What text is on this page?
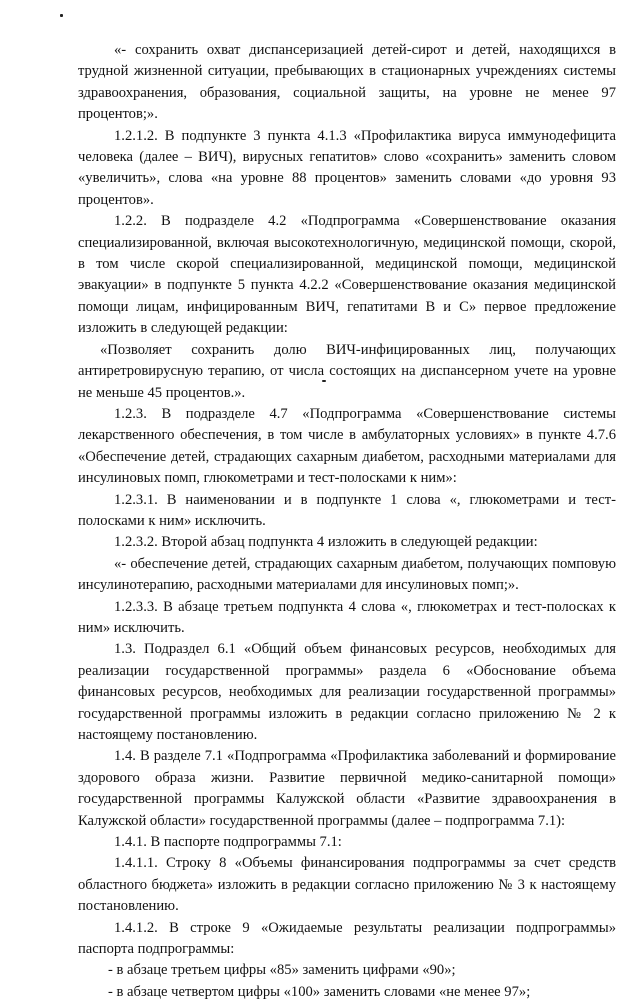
«- сохранить охват диспансеризацией детей-сирот и детей, находящихся в трудной жизненной ситуации, пребывающих в стационарных учреждениях системы здравоохранения, образования, социальной защиты, на уровне не менее 97 процентов;».

1.2.1.2. В подпункте 3 пункта 4.1.3 «Профилактика вируса иммунодефицита человека (далее – ВИЧ), вирусных гепатитов» слово «сохранить» заменить словом «увеличить», слова «на уровне 88 процентов» заменить словами «до уровня 93 процентов».

1.2.2. В подразделе 4.2 «Подпрограмма «Совершенствование оказания специализированной, включая высокотехнологичную, медицинской помощи, скорой, в том числе скорой специализированной, медицинской помощи, медицинской эвакуации» в подпункте 5 пункта 4.2.2 «Совершенствование оказания медицинской помощи лицам, инфицированным ВИЧ, гепатитами В и С» первое предложение изложить в следующей редакции:

«Позволяет сохранить долю ВИЧ-инфицированных лиц, получающих антиретровирусную терапию, от числа состоящих на диспансерном учете на уровне не меньше 45 процентов.».

1.2.3. В подразделе 4.7 «Подпрограмма «Совершенствование системы лекарственного обеспечения, в том числе в амбулаторных условиях» в пункте 4.7.6 «Обеспечение детей, страдающих сахарным диабетом, расходными материалами для инсулиновых помп, глюкометрами и тест-полосками к ним»:

1.2.3.1. В наименовании и в подпункте 1 слова «, глюкометрами и тест-полосками к ним» исключить.

1.2.3.2. Второй абзац подпункта 4 изложить в следующей редакции:

«- обеспечение детей, страдающих сахарным диабетом, получающих помповую инсулинотерапию, расходными материалами для инсулиновых помп;».

1.2.3.3. В абзаце третьем подпункта 4 слова «, глюкометрах и тест-полосках к ним» исключить.

1.3. Подраздел 6.1 «Общий объем финансовых ресурсов, необходимых для реализации государственной программы» раздела 6 «Обоснование объема финансовых ресурсов, необходимых для реализации государственной программы» государственной программы изложить в редакции согласно приложению № 2 к настоящему постановлению.

1.4. В разделе 7.1 «Подпрограмма «Профилактика заболеваний и формирование здорового образа жизни. Развитие первичной медико-санитарной помощи» государственной программы Калужской области «Развитие здравоохранения в Калужской области» государственной программы (далее – подпрограмма 7.1):

1.4.1. В паспорте подпрограммы 7.1:

1.4.1.1. Строку 8 «Объемы финансирования подпрограммы за счет средств областного бюджета» изложить в редакции согласно приложению № 3 к настоящему постановлению.

1.4.1.2. В строке 9 «Ожидаемые результаты реализации подпрограммы» паспорта подпрограммы:

- в абзаце третьем цифры «85» заменить цифрами «90»;

- в абзаце четвертом цифры «100» заменить словами «не менее 97»;
